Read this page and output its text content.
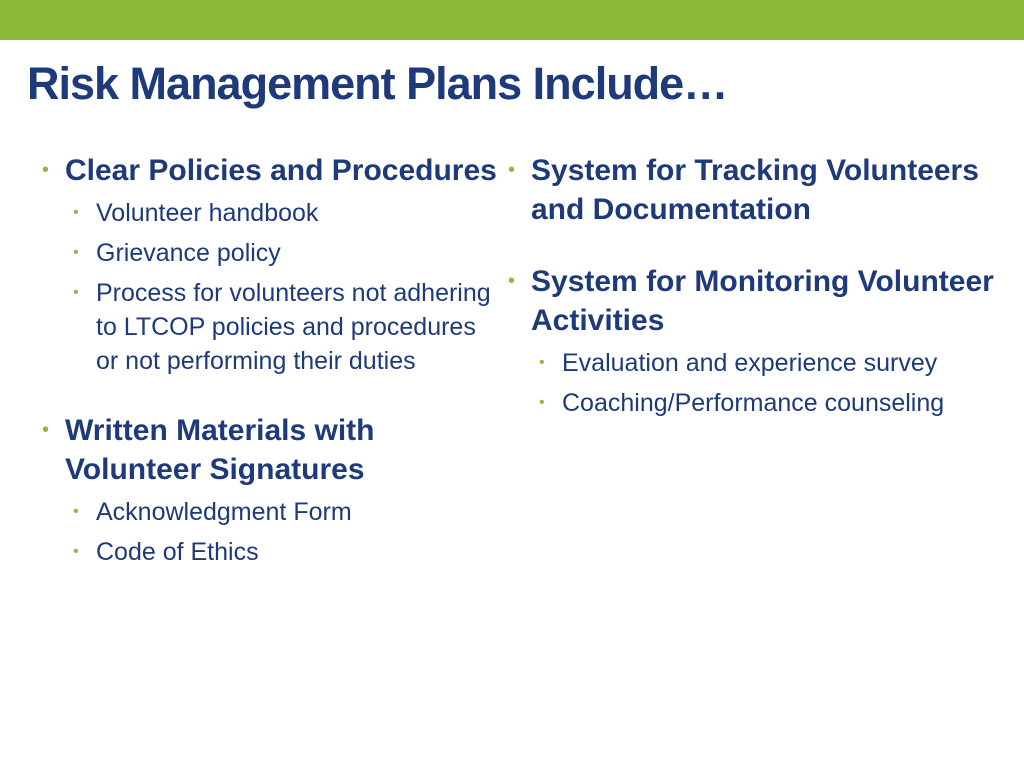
Risk Management Plans Include…
• Clear Policies and Procedures
• Volunteer handbook
• Grievance policy
• Process for volunteers not adhering to LTCOP policies and procedures or not performing their duties
• Written Materials with Volunteer Signatures
• Acknowledgment Form
• Code of Ethics
• System for Tracking Volunteers and Documentation
• System for Monitoring Volunteer Activities
• Evaluation and experience survey
• Coaching/Performance counseling
